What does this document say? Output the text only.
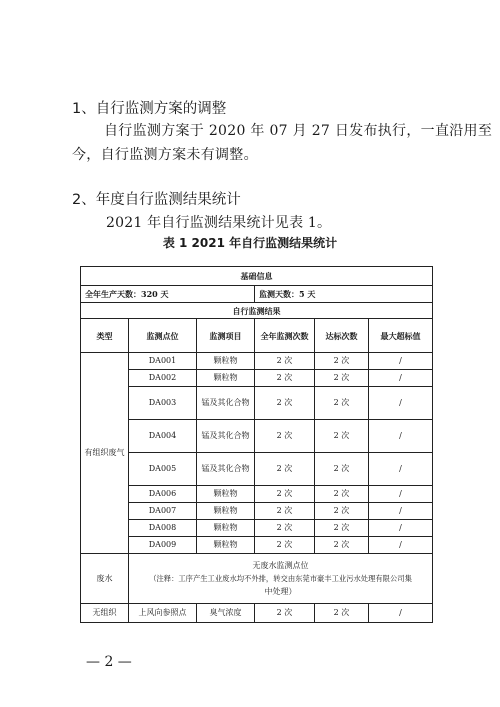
1、自行监测方案的调整
自行监测方案于 2020 年 07 月 27 日发布执行，一直沿用至
今，自行监测方案未有调整。
2、年度自行监测结果统计
2021 年自行监测结果统计见表 1。
表 1 2021 年自行监测结果统计
基础信息					
全年生产天数：320 天			监测天数：5 天		
自行监测结果					
类型	监测点位	监测项目	全年监测次数	达标次数	最大超标值
有组织废气	DA001	颗粒物	2 次	2 次	/
	DA002	颗粒物	2 次	2 次	/
	DA003	锰及其化合物	2 次	2 次	/
	DA004	锰及其化合物	2 次	2 次	/
	DA005	锰及其化合物	2 次	2 次	/
	DA006	颗粒物	2 次	2 次	/
	DA007	颗粒物	2 次	2 次	/
	DA008	颗粒物	2 次	2 次	/
	DA009	颗粒物	2 次	2 次	/
废水	无废水监测点位
（注释：工序产生工业废水均不外排，转交由东莞市豪丰工业污水处理有限公司集
中处理）				

无组织	上风向参照点	臭气浓度	2 次	2 次	/
— 2 —
